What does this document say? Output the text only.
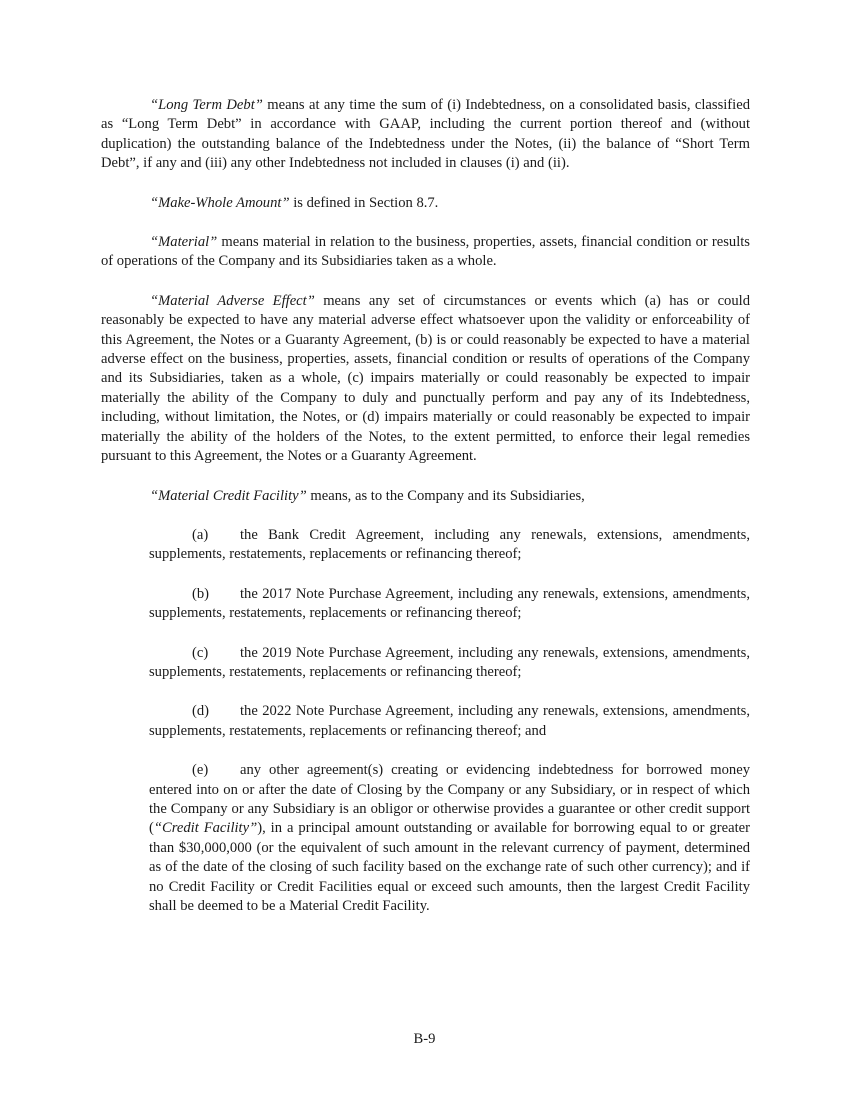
“Long Term Debt” means at any time the sum of (i) Indebtedness, on a consolidated basis, classified as “Long Term Debt” in accordance with GAAP, including the current portion thereof and (without duplication) the outstanding balance of the Indebtedness under the Notes, (ii) the balance of “Short Term Debt”, if any and (iii) any other Indebtedness not included in clauses (i) and (ii).

“Make-Whole Amount” is defined in Section 8.7.

“Material” means material in relation to the business, properties, assets, financial condition or results of operations of the Company and its Subsidiaries taken as a whole.

“Material Adverse Effect” means any set of circumstances or events which (a) has or could reasonably be expected to have any material adverse effect whatsoever upon the validity or enforceability of this Agreement, the Notes or a Guaranty Agreement, (b) is or could reasonably be expected to have a material adverse effect on the business, properties, assets, financial condition or results of operations of the Company and its Subsidiaries, taken as a whole, (c) impairs materially or could reasonably be expected to impair materially the ability of the Company to duly and punctually perform and pay any of its Indebtedness, including, without limitation, the Notes, or (d) impairs materially or could reasonably be expected to impair materially the ability of the holders of the Notes, to the extent permitted, to enforce their legal remedies pursuant to this Agreement, the Notes or a Guaranty Agreement.

“Material Credit Facility” means, as to the Company and its Subsidiaries,

(a) the Bank Credit Agreement, including any renewals, extensions, amendments, supplements, restatements, replacements or refinancing thereof;

(b) the 2017 Note Purchase Agreement, including any renewals, extensions, amendments, supplements, restatements, replacements or refinancing thereof;

(c) the 2019 Note Purchase Agreement, including any renewals, extensions, amendments, supplements, restatements, replacements or refinancing thereof;

(d) the 2022 Note Purchase Agreement, including any renewals, extensions, amendments, supplements, restatements, replacements or refinancing thereof; and

(e) any other agreement(s) creating or evidencing indebtedness for borrowed money entered into on or after the date of Closing by the Company or any Subsidiary, or in respect of which the Company or any Subsidiary is an obligor or otherwise provides a guarantee or other credit support (“Credit Facility”), in a principal amount outstanding or available for borrowing equal to or greater than $30,000,000 (or the equivalent of such amount in the relevant currency of payment, determined as of the date of the closing of such facility based on the exchange rate of such other currency); and if no Credit Facility or Credit Facilities equal or exceed such amounts, then the largest Credit Facility shall be deemed to be a Material Credit Facility.

B-9
